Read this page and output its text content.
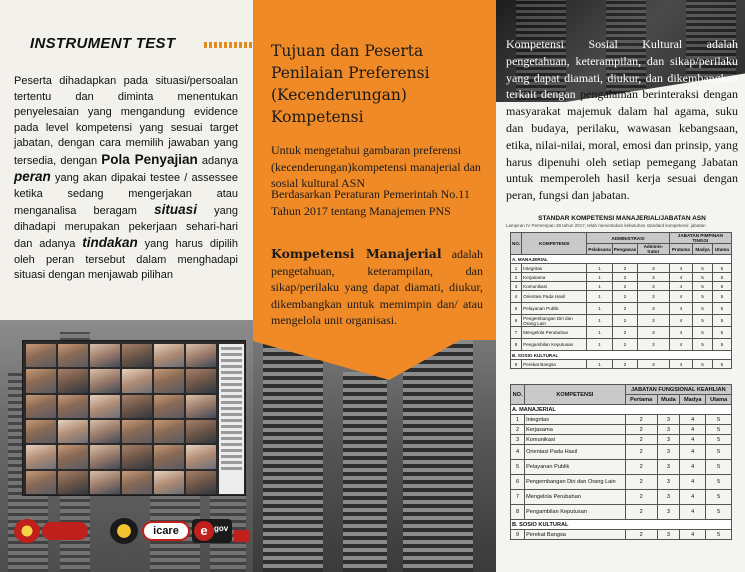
INSTRUMENT TEST
Peserta dihadapkan pada situasi/persoalan tertentu dan diminta menentukan penyelesaian yang mengandung evidence pada level kompetensi yang sesuai target jabatan, dengan cara memilih jawaban yang tersedia, dengan Pola Penyajian adanya peran yang akan dipakai testee / assessee ketika sedang mengerjakan atau menganalisa beragam situasi yang dihadapi merupakan pekerjaan sehari-hari dan adanya tindakan yang harus dipilih oleh peran tersebut dalam menghadapi situasi dengan menjawab pilihan
icare	e gov
Tujuan dan Peserta Penilaian Preferensi (Kecenderungan) Kompetensi
Untuk mengetahui gambaran preferensi (kecenderungan)kompetensi manajerial dan sosial kultural ASN
Berdasarkan Peraturan Pemerintah No.11 Tahun 2017 tentang Manajemen PNS
Kompetensi Manajerial adalah pengetahuan, keterampilan, dan sikap/perilaku yang dapat diamati, diukur, dikembangkan untuk memimpin dan/ atau mengelola unit organisasi.
Kompetensi Sosial Kultural adalah pengetahuan, keterampilan, dan sikap/perilaku yang dapat diamati, diukur, dan dikembangkan terkait dengan pengalaman berinteraksi dengan masyarakat majemuk dalam hal agama, suku dan budaya, perilaku, wawasan kebangsaan, etika, nilai-nilai, moral, emosi dan prinsip, yang harus dipenuhi oleh setiap pemegang Jabatan untuk memperoleh hasil kerja sesuai dengan peran, fungsi dan jabatan.
STANDAR KOMPETENSI MANAJERIAL/JABATAN ASN
Lampiran IV Permenpan 38 tahun 2017, telah menentukan kebutuhan standard kompetensi: jabatan
NO.	KOMPETENSI	ADMINISTRASI			JABATAN PIMPINAN TINGGI		
		Pelaksana	Pengawas	Adminis-trator	Pratama	Madya	Utama
A. MANAJERIAL							
1	Integritas	1	2	3	4	5	5
2	Kerjasama	1	2	3	4	5	5
3	Komunikasi	1	2	3	4	5	5
4	Orientasi Pada Hasil	1	2	3	4	5	5
5	Pelayanan Publik	1	2	3	4	5	5
6	Pengembangan Diri dan Orang Lain	1	2	3	4	5	5
7	Mengelola Perubahan	1	2	3	4	5	5
8	Pengambilan Keputusan	1	2	3	4	5	5
B. SOSIO KULTURAL							
9	Perekat Bangsa	1	2	3	4	5	5
NO.	KOMPETENSI	JABATAN FUNGSIONAL KEAHLIAN			
		Pertama	Muda	Madya	Utama
A. MANAJERIAL					
1	Integritas	2	3	4	5
2	Kerjasama	2	3	4	5
3	Komunikasi	2	3	4	5
4	Orientasi Pada Hasil	2	3	4	5
5	Pelayanan Publik	2	3	4	5
6	Pengembangan Diri dan Orang Lain	2	3	4	5
7	Mengelola Perubahan	2	3	4	5
8	Pengambilan Keputusan	2	3	4	5
B. SOSIO KULTURAL					
9	Perekat Bangsa	2	3	4	5
